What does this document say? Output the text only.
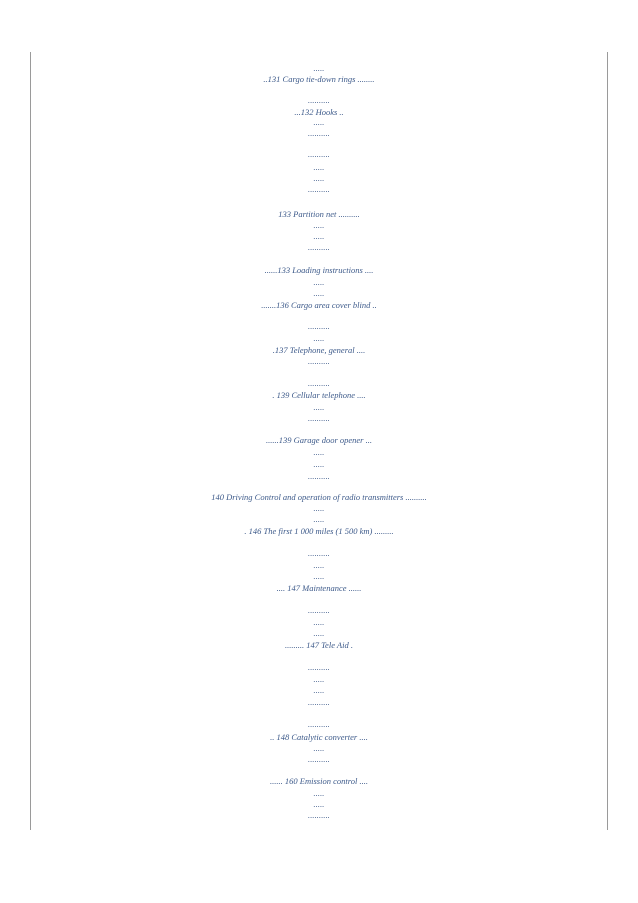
.....
..131 Cargo tie-down rings ........
..........
...132 Hooks ..
.....
..........
..........
.....
.....
..........
133 Partition net ..........
.....
.....
..........
......133 Loading instructions ....
.....
.....
.......136 Cargo area cover blind ..
..........
.....
.137 Telephone, general ....
..........
..........
. 139 Cellular telephone ....
.....
..........
......139 Garage door opener ...
.....
.....
..........
140 Driving Control and operation of radio transmitters ..........
.....
.....
. 146 The first 1 000 miles (1 500 km) .........
..........
.....
.....
.... 147 Maintenance ......
..........
.....
.....
......... 147 Tele Aid .
..........
.....
.....
..........
..........
.. 148 Catalytic converter ....
.....
..........
...... 160 Emission control ....
.....
.....
..........
